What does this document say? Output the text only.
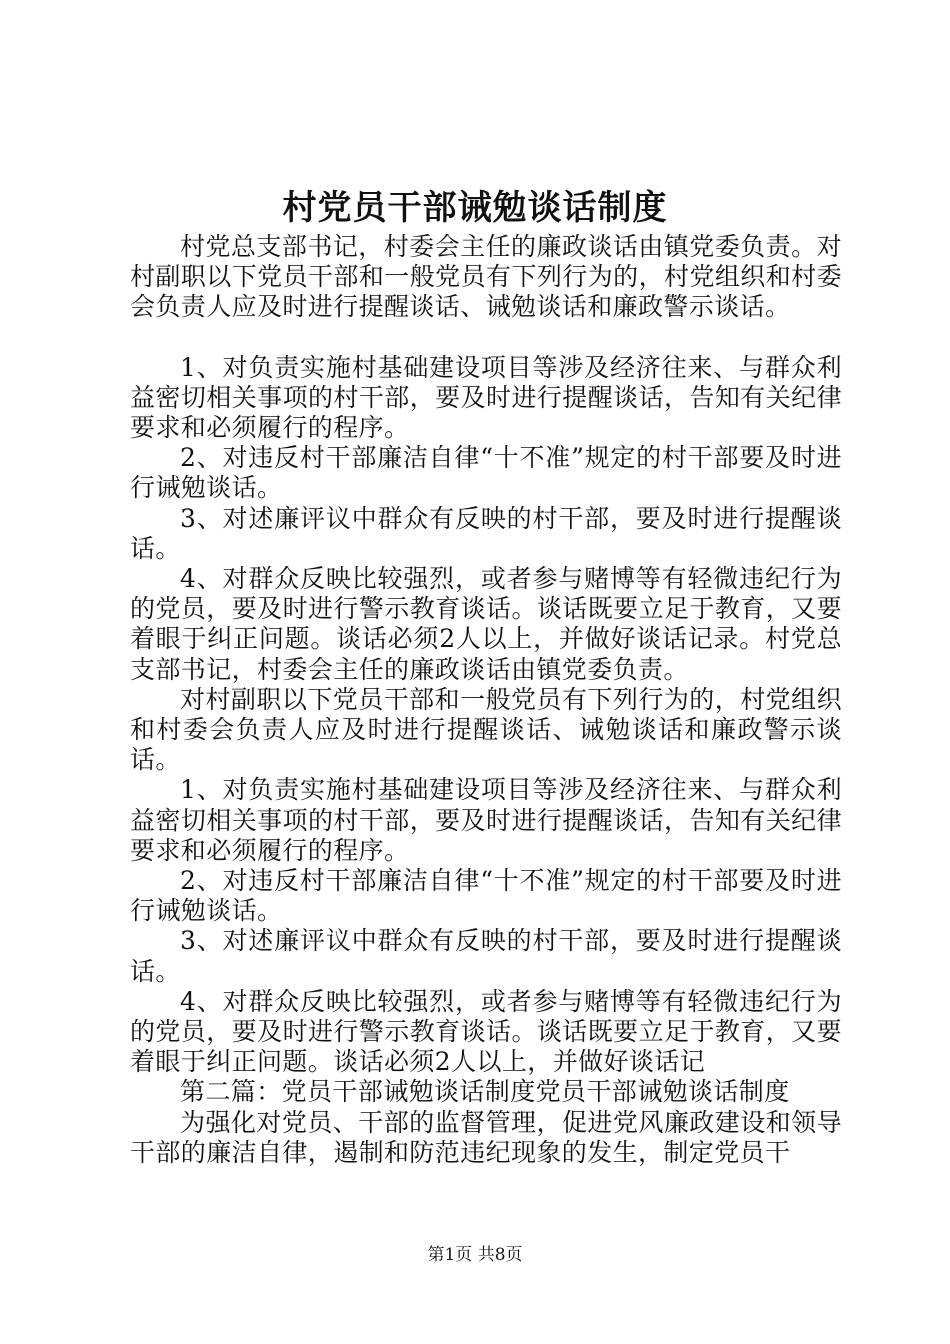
村党员干部诫勉谈话制度

村党总支部书记，村委会主任的廉政谈话由镇党委负责。对村副职以下党员干部和一般党员有下列行为的，村党组织和村委会负责人应及时进行提醒谈话、诫勉谈话和廉政警示谈话。

1、对负责实施村基础建设项目等涉及经济往来、与群众利益密切相关事项的村干部，要及时进行提醒谈话，告知有关纪律要求和必须履行的程序。

2、对违反村干部廉洁自律“十不准”规定的村干部要及时进行诫勉谈话。

3、对述廉评议中群众有反映的村干部，要及时进行提醒谈话。

4、对群众反映比较强烈，或者参与赌博等有轻微违纪行为的党员，要及时进行警示教育谈话。谈话既要立足于教育，又要着眼于纠正问题。谈话必须2人以上，并做好谈话记录。村党总支部书记，村委会主任的廉政谈话由镇党委负责。

对村副职以下党员干部和一般党员有下列行为的，村党组织和村委会负责人应及时进行提醒谈话、诫勉谈话和廉政警示谈话。

1、对负责实施村基础建设项目等涉及经济往来、与群众利益密切相关事项的村干部，要及时进行提醒谈话，告知有关纪律要求和必须履行的程序。

2、对违反村干部廉洁自律“十不准”规定的村干部要及时进行诫勉谈话。

3、对述廉评议中群众有反映的村干部，要及时进行提醒谈话。

4、对群众反映比较强烈，或者参与赌博等有轻微违纪行为的党员，要及时进行警示教育谈话。谈话既要立足于教育，又要着眼于纠正问题。谈话必须2人以上，并做好谈话记

第二篇：党员干部诫勉谈话制度党员干部诫勉谈话制度

为强化对党员、干部的监督管理，促进党风廉政建设和领导干部的廉洁自律，遏制和防范违纪现象的发生，制定党员干

第1页 共8页
